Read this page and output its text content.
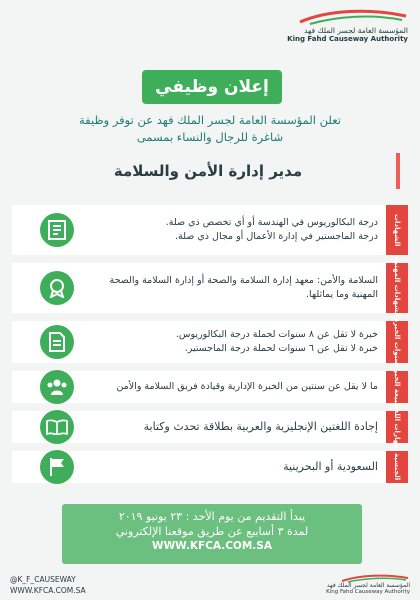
المؤسسة العامة لجسر الملك فهد
King Fahd Causeway Authority
إعلان وظيفي
تعلن المؤسسة العامة لجسر الملك فهد عن توفر وظيفة
شاغرة للرجال والنساء بمسمى
مدير إدارة الأمن والسلامة
الشهادات
درجة البكالوريوس في الهندسة أو أي تخصص ذي صلة.
درجة الماجستير في إدارة الأعمال أو مجال ذي صلة.
الشهادات المهنية
السلامة والأمن: معهد إدارة السلامة والصحة أو إدارة السلامة والصحة
المهنية وما يماثلها.
سنوات الخبرة
خبرة لا تقل عن ٨ سنوات لحملة درجة البكالوريوس.
خبرة لا تقل عن ٦ سنوات لحملة درجة الماجستير.
طبيعة الخبرة
ما لا يقل عن سنتين من الخبرة الإدارية وقيادة فريق السلامة والأمن
مهارات اللغة
إجادة اللغتين الإنجليزية والعربية بطلاقة تحدث وكتابة
الجنسية
السعودية أو البحرينية
يبدأ التقديم من يوم الأحد : ٢٣ يونيو ٢٠١٩
لمدة ٣ أسابيع عن طريق موقعنا الإلكتروني
WWW.KFCA.COM.SA
@K_F_CAUSEWAY
WWW.KFCA.COM.SA
المؤسسة العامة لجسر الملك فهد
King Fahd Causeway Authority
